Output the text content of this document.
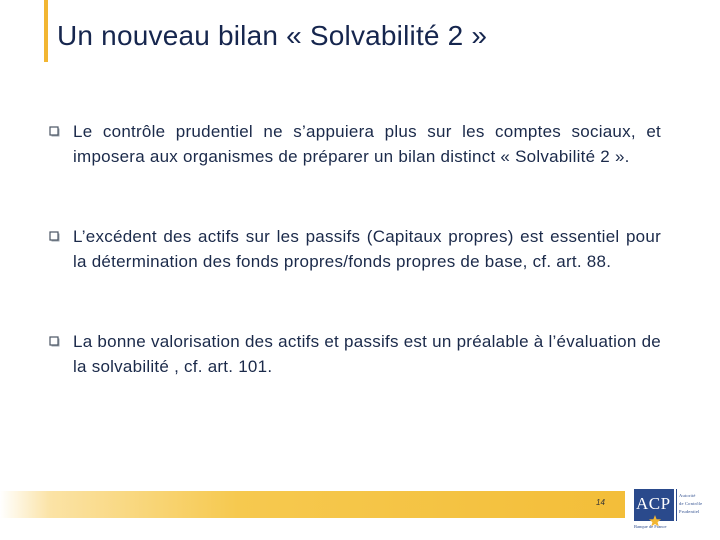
Un nouveau bilan « Solvabilité 2 »

Le contrôle prudentiel ne s’appuiera plus sur les comptes sociaux, et imposera aux organismes de préparer un bilan distinct « Solvabilité 2 ».

L’excédent des actifs sur les passifs (Capitaux propres) est essentiel pour la détermination des fonds propres/fonds propres de base, cf. art. 88.

La bonne valorisation des actifs et passifs est un préalable à l’évaluation de la solvabilité , cf. art. 101.

14 ACP Autorité
de Contrôle
Prudentiel
Banque de France
